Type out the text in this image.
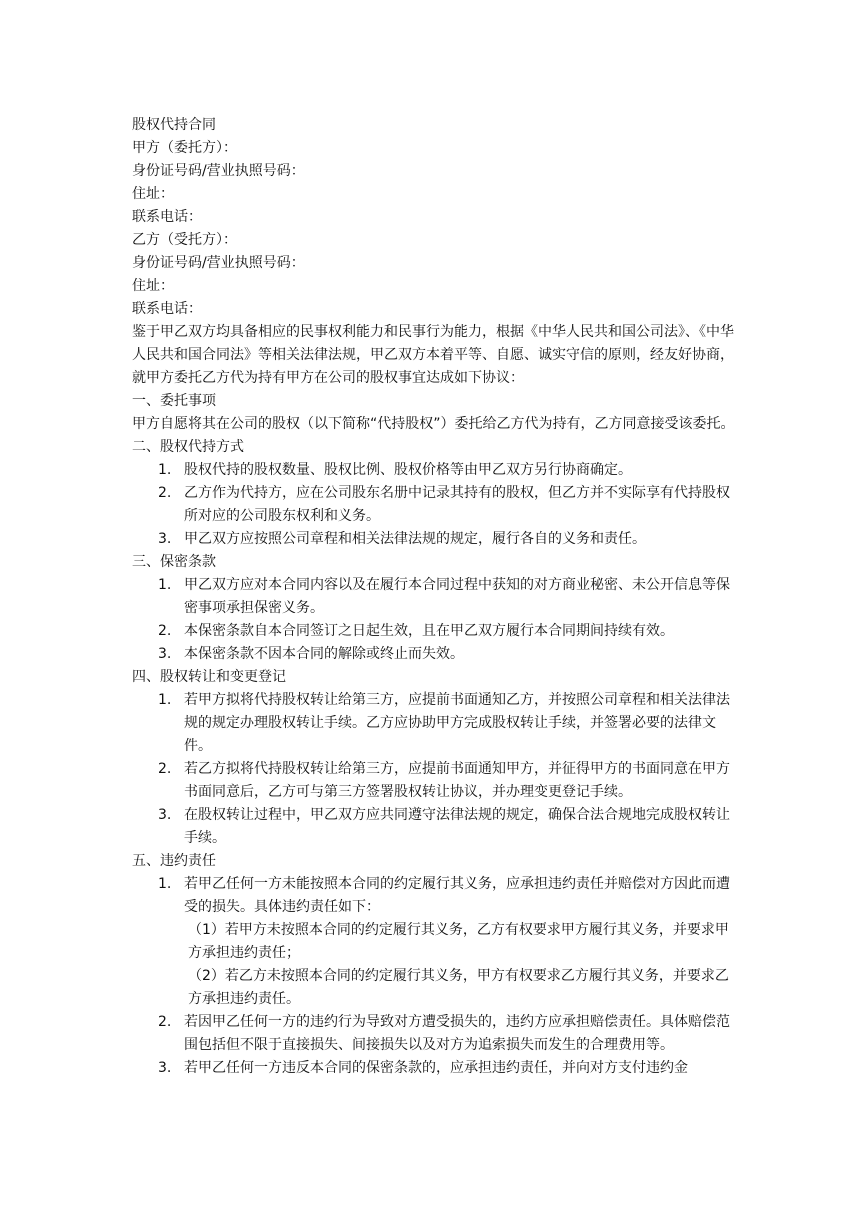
股权代持合同

甲方（委托方）：

身份证号码/营业执照号码：

住址：

联系电话：

乙方（受托方）：

身份证号码/营业执照号码：

住址：

联系电话：

鉴于甲乙双方均具备相应的民事权利能力和民事行为能力，根据《中华人民共和国公司法》、《中华人民共和国合同法》等相关法律法规，甲乙双方本着平等、自愿、诚实守信的原则，经友好协商，就甲方委托乙方代为持有甲方在公司的股权事宜达成如下协议：

一、委托事项

甲方自愿将其在公司的股权（以下简称“代持股权”）委托给乙方代为持有，乙方同意接受该委托。

二、股权代持方式

1. 股权代持的股权数量、股权比例、股权价格等由甲乙双方另行协商确定。
2. 乙方作为代持方，应在公司股东名册中记录其持有的股权，但乙方并不实际享有代持股权所对应的公司股东权利和义务。
3. 甲乙双方应按照公司章程和相关法律法规的规定，履行各自的义务和责任。

三、保密条款

1. 甲乙双方应对本合同内容以及在履行本合同过程中获知的对方商业秘密、未公开信息等保密事项承担保密义务。
2. 本保密条款自本合同签订之日起生效，且在甲乙双方履行本合同期间持续有效。
3. 本保密条款不因本合同的解除或终止而失效。

四、股权转让和变更登记

1. 若甲方拟将代持股权转让给第三方，应提前书面通知乙方，并按照公司章程和相关法律法规的规定办理股权转让手续。乙方应协助甲方完成股权转让手续，并签署必要的法律文件。
2. 若乙方拟将代持股权转让给第三方，应提前书面通知甲方，并征得甲方的书面同意在甲方书面同意后，乙方可与第三方签署股权转让协议，并办理变更登记手续。
3. 在股权转让过程中，甲乙双方应共同遵守法律法规的规定，确保合法合规地完成股权转让手续。

五、违约责任

1. 若甲乙任何一方未能按照本合同的约定履行其义务，应承担违约责任并赔偿对方因此而遭受的损失。具体违约责任如下：

（1）若甲方未按照本合同的约定履行其义务，乙方有权要求甲方履行其义务，并要求甲方承担违约责任；

（2）若乙方未按照本合同的约定履行其义务，甲方有权要求乙方履行其义务，并要求乙方承担违约责任。

2. 若因甲乙任何一方的违约行为导致对方遭受损失的，违约方应承担赔偿责任。具体赔偿范围包括但不限于直接损失、间接损失以及对方为追索损失而发生的合理费用等。
3. 若甲乙任何一方违反本合同的保密条款的，应承担违约责任，并向对方支付违约金
